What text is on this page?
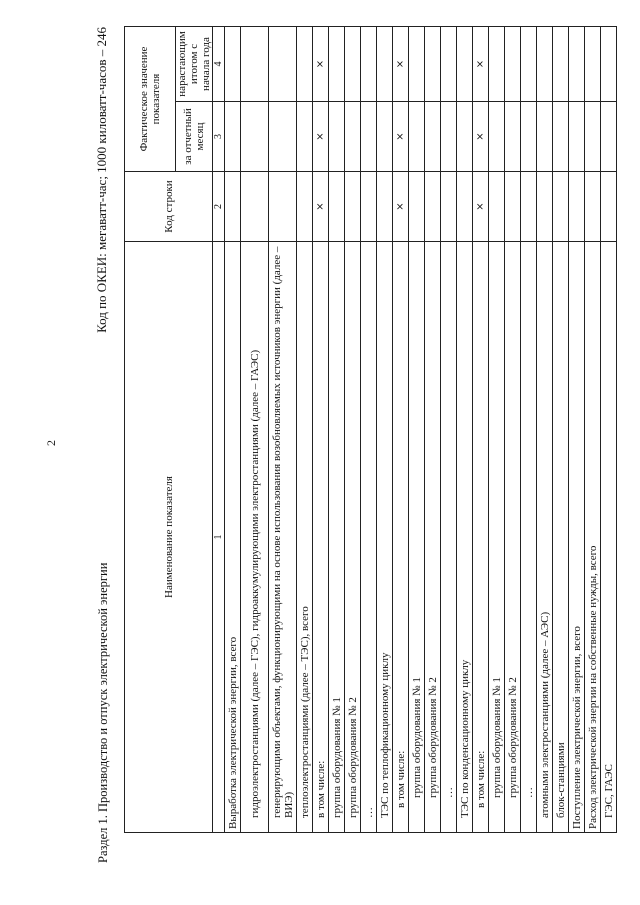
2
Раздел 1. Производство и отпуск электрической энергии
Код по ОКЕИ: мегаватт-час; 1000 киловатт-часов – 246
Наименование показателя	Код строки	Фактическое значение показателя	
		за отчетный месяц	нарастающим итогом с начала года
1	2	3	4
Выработка электрической энергии, всего			
гидроэлектростанциями (далее – ГЭС), гидроаккумулирующими электростанциями (далее – ГАЭС)			
генерирующими объектами, функционирующими на основе использования возобновляемых источников энергии (далее – ВИЭ)			
теплоэлектростанциями (далее – ТЭС), всего			
в том числе:	×	×	×
группа оборудования № 1			
группа оборудования № 2			
…			
ТЭС по теплофикационному циклу			
в том числе:	×	×	×
группа оборудования № 1			
группа оборудования № 2			
…			
ТЭС по конденсационному циклу			
в том числе:	×	×	×
группа оборудования № 1			
группа оборудования № 2			
…			
атомными электростанциями (далее – АЭС)			
блок-станциями			
Поступление электрической энергии, всего			
Расход электрической энергии на собственные нужды, всего			
ГЭС, ГАЭС			
